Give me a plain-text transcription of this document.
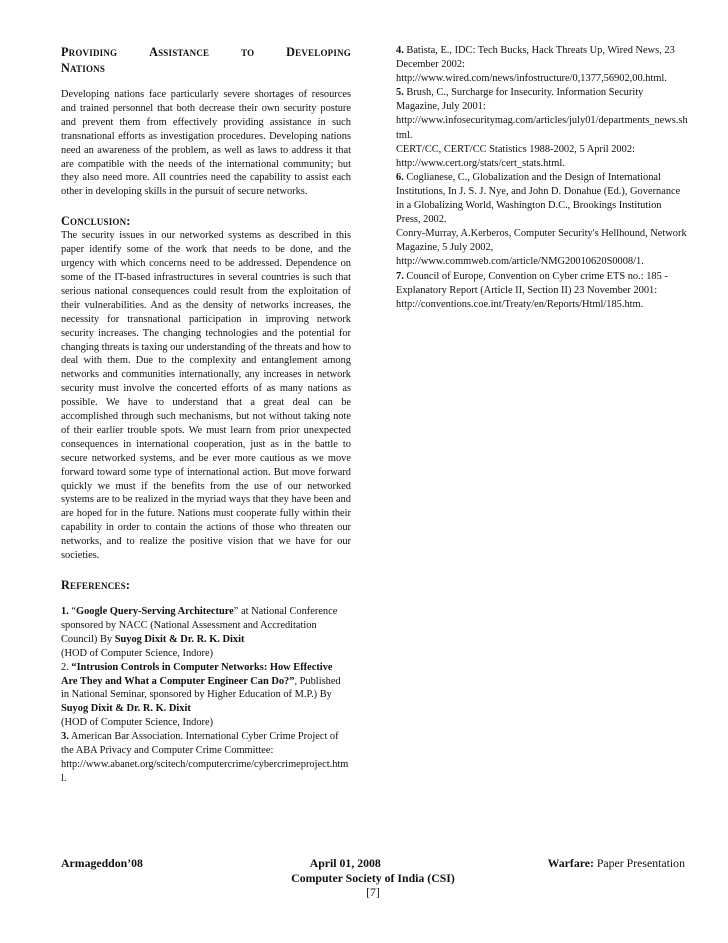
Providing	Assistance	to	Developing
Nations

Developing nations face particularly severe shortages of resources and trained personnel that both decrease their own security posture and prevent them from effectively providing assistance in such transnational efforts as investigation procedures. Developing nations need an awareness of the problem, as well as laws to address it that are compatible with the needs of the international community; but they also need more. All countries need the capability to assist each other in developing skills in the pursuit of secure networks.

Conclusion:

The security issues in our networked systems as described in this paper identify some of the work that needs to be done, and the urgency with which concerns need to be addressed. Dependence on some of the IT-based infrastructures in several countries is such that serious national consequences could result from the exploitation of their vulnerabilities. And as the density of networks increases, the necessity for transnational participation in improving network security increases. The changing technologies and the potential for changing threats is taxing our understanding of the threats and how to deal with them. Due to the complexity and entanglement among networks and communities internationally, any increases in network security must involve the concerted efforts of as many nations as possible. We have to understand that a great deal can be accomplished through such mechanisms, but not without taking note of their earlier trouble spots. We must learn from prior unexpected consequences in international cooperation, just as in the battle to secure networked systems, and be ever more cautious as we move forward toward some type of international action. But move forward quickly we must if the benefits from the use of our networked systems are to be realized in the myriad ways that they have been and are hoped for in the future. Nations must cooperate fully within their capability in order to contain the actions of those who threaten our networks, and to realize the positive vision that we have for our societies.

References:

1. “Google Query-Serving Architecture” at National Conference sponsored by NACC (National Assessment and Accreditation Council) By Suyog Dixit & Dr. R. K. Dixit
(HOD of Computer Science, Indore)

2. “Intrusion Controls in Computer Networks: How Effective Are They and What a Computer Engineer Can Do?”, Published in National Seminar, sponsored by Higher Education of M.P.) By Suyog Dixit & Dr. R. K. Dixit
(HOD of Computer Science, Indore)

3. American Bar Association. International Cyber Crime Project of the ABA Privacy and Computer Crime Committee:
http://www.abanet.org/scitech/computercrime/cybercrimeproject.html.

4. Batista, E., IDC: Tech Bucks, Hack Threats Up, Wired News, 23 December 2002:
http://www.wired.com/news/infostructure/0,1377,56902,00.html.

5. Brush, C., Surcharge for Insecurity. Information Security Magazine, July 2001:
http://www.infosecuritymag.com/articles/july01/departments_news.shtml.

CERT/CC, CERT/CC Statistics 1988-2002, 5 April 2002:
http://www.cert.org/stats/cert_stats.html.

6. Coglianese, C., Globalization and the Design of International Institutions, In J. S. J. Nye, and John D. Donahue (Ed.), Governance in a Globalizing World, Washington D.C., Brookings Institution Press, 2002.

Conry-Murray, A.Kerberos, Computer Security's Hellhound, Network Magazine, 5 July 2002,
http://www.commweb.com/article/NMG20010620S0008/1.

7. Council of Europe, Convention on Cyber crime ETS no.: 185 - Explanatory Report (Article II, Section II) 23 November 2001:
http://conventions.coe.int/Treaty/en/Reports/Html/185.htm.

Armageddon’08	April 01, 2008	Warfare: Paper Presentation
Computer Society of India (CSI)
[7]
